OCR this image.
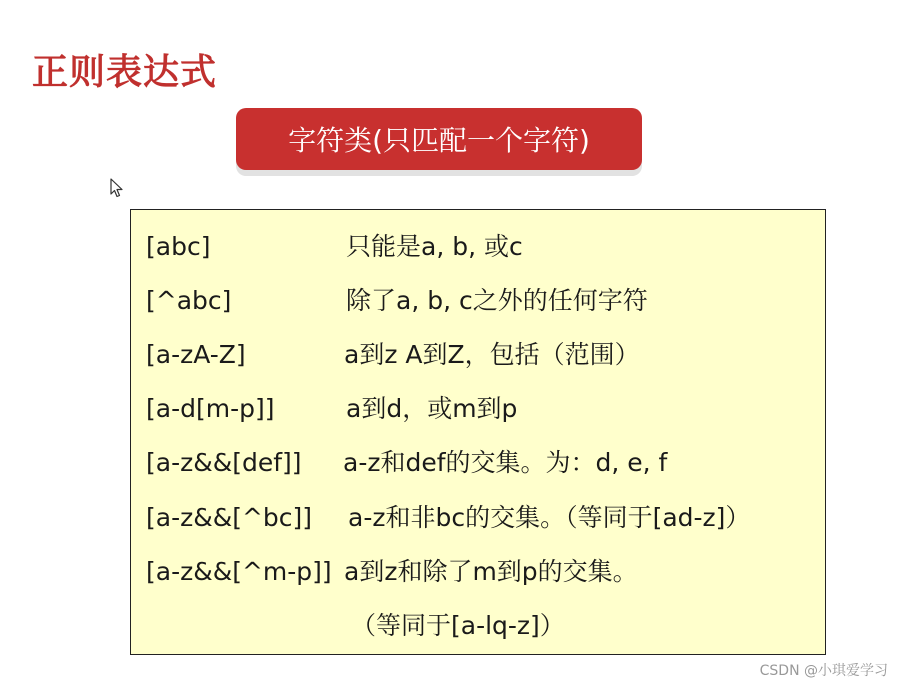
正则表达式
字符类(只匹配一个字符)
[abc]	只能是a, b, 或c
[^abc]	除了a, b, c之外的任何字符
[a-zA-Z]	a到z A到Z，包括（范围）
[a-d[m-p]]	a到d，或m到p
[a-z&&[def]] a-z和def的交集。为：d, e, f
[a-z&&[^bc]] a-z和非bc的交集。（等同于[ad-z]）
[a-z&&[^m-p]] a到z和除了m到p的交集。
（等同于[a-lq-z]）
CSDN @小琪爱学习
